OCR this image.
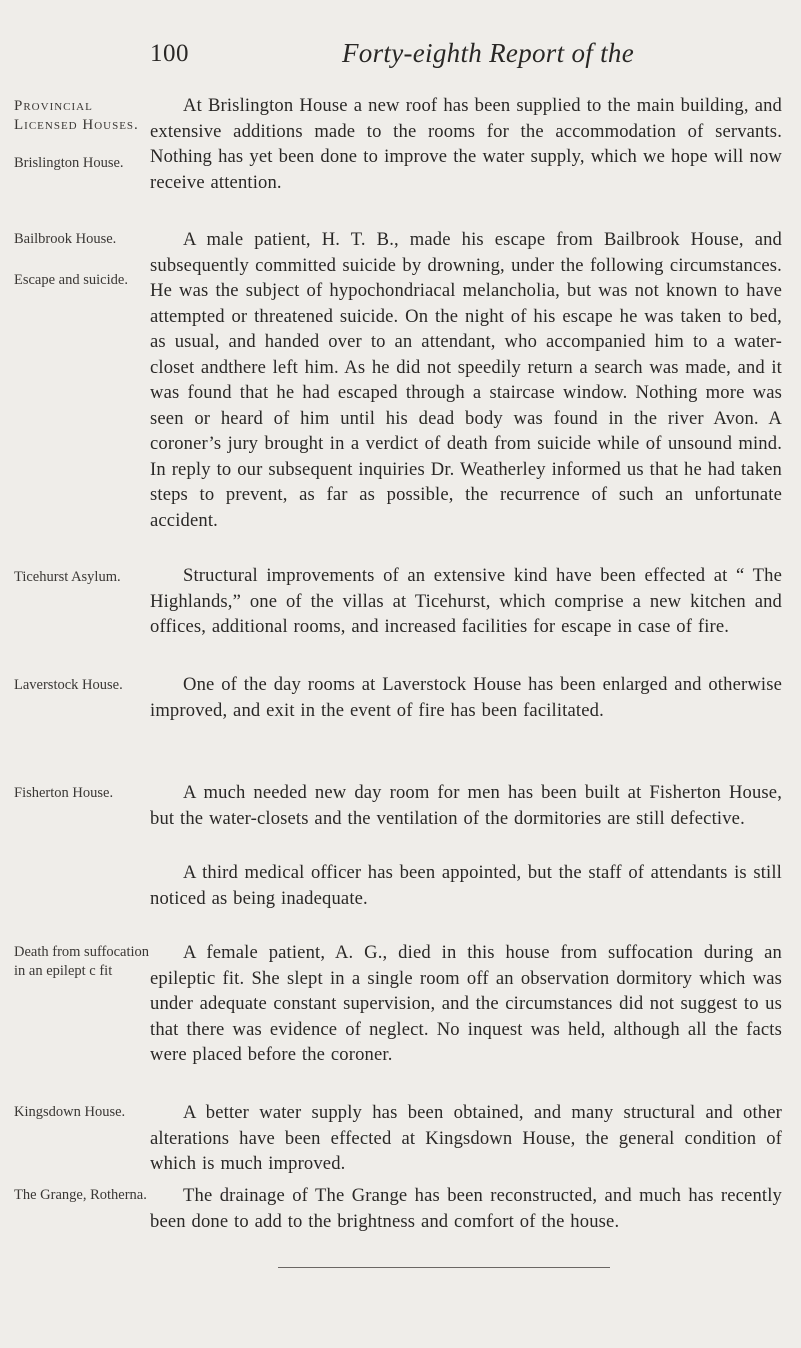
100	Forty-eighth Report of the
Provincial Licensed Houses.
Brislington House.
Bailbrook House.
Escape and suicide.
Ticehurst Asylum.
Laverstock House.
Fisherton House.
Death from suffocation in an epilept c fit
Kingsdown House.
The Grange, Rotherna.

At Brislington House a new roof has been supplied to the main building, and extensive additions made to the rooms for the accommodation of servants. Nothing has yet been done to improve the water supply, which we hope will now receive attention.

A male patient, H. T. B., made his escape from Bailbrook House, and subsequently committed suicide by drowning, under the following circumstances. He was the subject of hypochondriacal melancholia, but was not known to have attempted or threatened suicide. On the night of his escape he was taken to bed, as usual, and handed over to an attendant, who accompanied him to a water-closet andthere left him. As he did not speedily return a search was made, and it was found that he had escaped through a staircase window. Nothing more was seen or heard of him until his dead body was found in the river Avon. A coroner’s jury brought in a verdict of death from suicide while of unsound mind. In reply to our subsequent inquiries Dr. Weatherley informed us that he had taken steps to prevent, as far as possible, the recurrence of such an unfortunate accident.

Structural improvements of an extensive kind have been effected at “ The Highlands,” one of the villas at Ticehurst, which comprise a new kitchen and offices, additional rooms, and increased facilities for escape in case of fire.

One of the day rooms at Laverstock House has been enlarged and otherwise improved, and exit in the event of fire has been facilitated.

A much needed new day room for men has been built at Fisherton House, but the water-closets and the ventilation of the dormitories are still defective.

A third medical officer has been appointed, but the staff of attendants is still noticed as being inadequate.

A female patient, A. G., died in this house from suffocation during an epileptic fit. She slept in a single room off an observation dormitory which was under adequate constant supervision, and the circumstances did not suggest to us that there was evidence of neglect. No inquest was held, although all the facts were placed before the coroner.

A better water supply has been obtained, and many structural and other alterations have been effected at Kingsdown House, the general condition of which is much improved.

The drainage of The Grange has been reconstructed, and much has recently been done to add to the brightness and comfort of the house.
